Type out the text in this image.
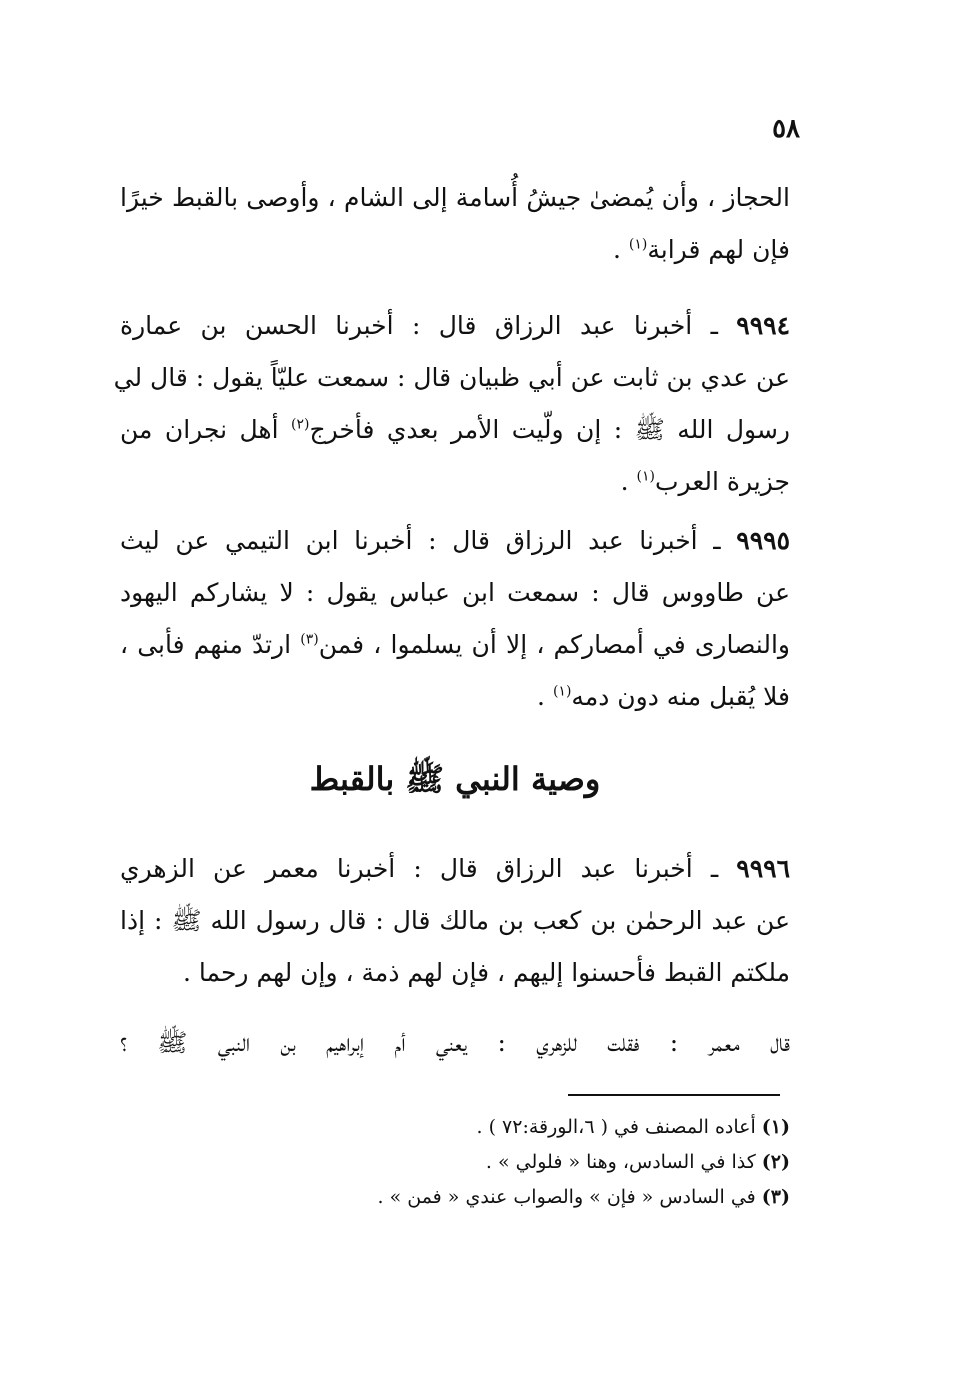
٥٨
الحجاز ، وأن يُمضىٰ جيشُ أُسامة إلى الشام ، وأوصى بالقبط خيرًا
فإن لهم قرابة$^{(١)}$ .
٩٩٩٤ ـ أخبرنا عبد الرزاق قال : أخبرنا الحسن بن عمارة
عن عدي بن ثابت عن أبي ظبيان قال : سمعت عليّاً يقول : قال لي
رسول الله ﷺ : إن ولّيت الأمر بعدي فأخرج$^{(٢)}$ أهل نجران من
جزيرة العرب$^{(١)}$ .
٩٩٩٥ ـ أخبرنا عبد الرزاق قال : أخبرنا ابن التيمي عن ليث
عن طاووس قال : سمعت ابن عباس يقول : لا يشاركم اليهود
والنصارى في أمصاركم ، إلا أن يسلموا ، فمن$^{(٣)}$ ارتدّ منهم فأبى ،
فلا يُقبل منه دون دمه$^{(١)}$ .
وصية النبي ﷺ بالقبط
٩٩٩٦ ـ أخبرنا عبد الرزاق قال : أخبرنا معمر عن الزهري
عن عبد الرحمٰن بن كعب بن مالك قال : قال رسول الله ﷺ : إذا
ملكتم القبط فأحسنوا إليهم ، فإن لهم ذمة ، وإن لهم رحما .
قال معمر : فقلت للزهري : يعني أم إبراهيم بن النبي ﷺ ؟
(١)أعاده المصنف في ( ٦،الورقة:٧٢ ) .
(٢)كذا في السادس، وهنا « فلولي » .
(٣)في السادس « فإن » والصواب عندي « فمن » .
